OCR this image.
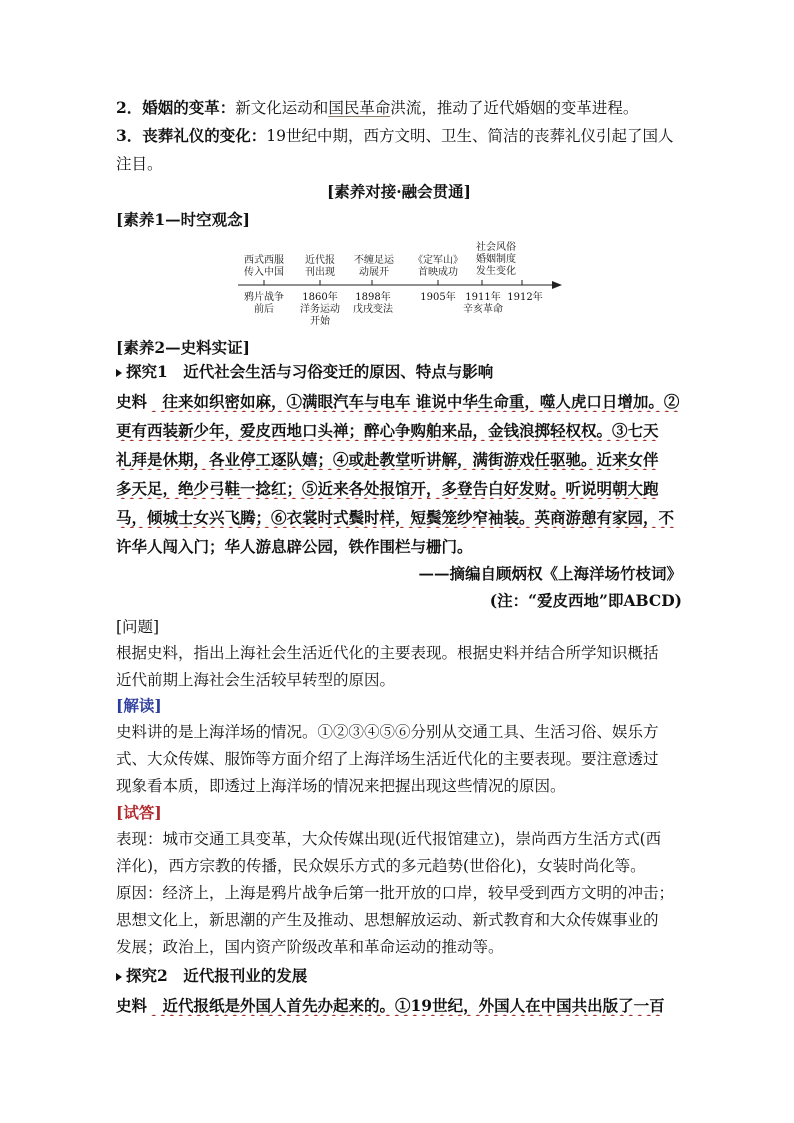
2．婚姻的变革：新文化运动和国民革命洪流，推动了近代婚姻的变革进程。
3．丧葬礼仪的变化：19世纪中期，西方文明、卫生、简洁的丧葬礼仪引起了国人
注目。
[素养对接·融会贯通]
[素养1—时空观念]
西式西服
传入中国
近代报
刊出现
不缠足运
动展开
《定军山》
首映成功
社会风俗
婚姻制度
发生变化
鸦片战争
前后
1860年
洋务运动
开始
1898年
戊戌变法
1905年 1911年
辛亥革命
1912年
[素养2—史料实证]
探究1　近代社会生活与习俗变迁的原因、特点与影响
史料　往来如织密如麻，①满眼汽车与电车 谁说中华生命重，噬人虎口日增加。②
更有西装新少年，爱皮西地口头禅；醉心争购舶来品，金钱浪掷轻权权。③七天
礼拜是休期，各业停工逐队嬉；④或赴教堂听讲解，满街游戏任驱驰。近来女伴
多天足，绝少弓鞋一捻红；⑤近来各处报馆开，多登告白好发财。听说明朝大跑
马，倾城士女兴飞腾；⑥衣裳时式鬓时样，短鬓笼纱窄袖装。英商游憩有家园，不
许华人闯入门；华人游息辟公园，铁作围栏与栅门。
——摘编自顾炳权《上海洋场竹枝词》
(注：“爱皮西地”即ABCD)
[问题]
根据史料，指出上海社会生活近代化的主要表现。根据史料并结合所学知识概括
近代前期上海社会生活较早转型的原因。
[解读]
史料讲的是上海洋场的情况。①②③④⑤⑥分别从交通工具、生活习俗、娱乐方
式、大众传媒、服饰等方面介绍了上海洋场生活近代化的主要表现。要注意透过
现象看本质，即透过上海洋场的情况来把握出现这些情况的原因。
[试答]
表现：城市交通工具变革，大众传媒出现(近代报馆建立)，崇尚西方生活方式(西
洋化)，西方宗教的传播，民众娱乐方式的多元趋势(世俗化)，女装时尚化等。
原因：经济上，上海是鸦片战争后第一批开放的口岸，较早受到西方文明的冲击；
思想文化上，新思潮的产生及推动、思想解放运动、新式教育和大众传媒事业的
发展；政治上，国内资产阶级改革和革命运动的推动等。
探究2　近代报刊业的发展
史料　近代报纸是外国人首先办起来的。①19世纪，外国人在中国共出版了一百
